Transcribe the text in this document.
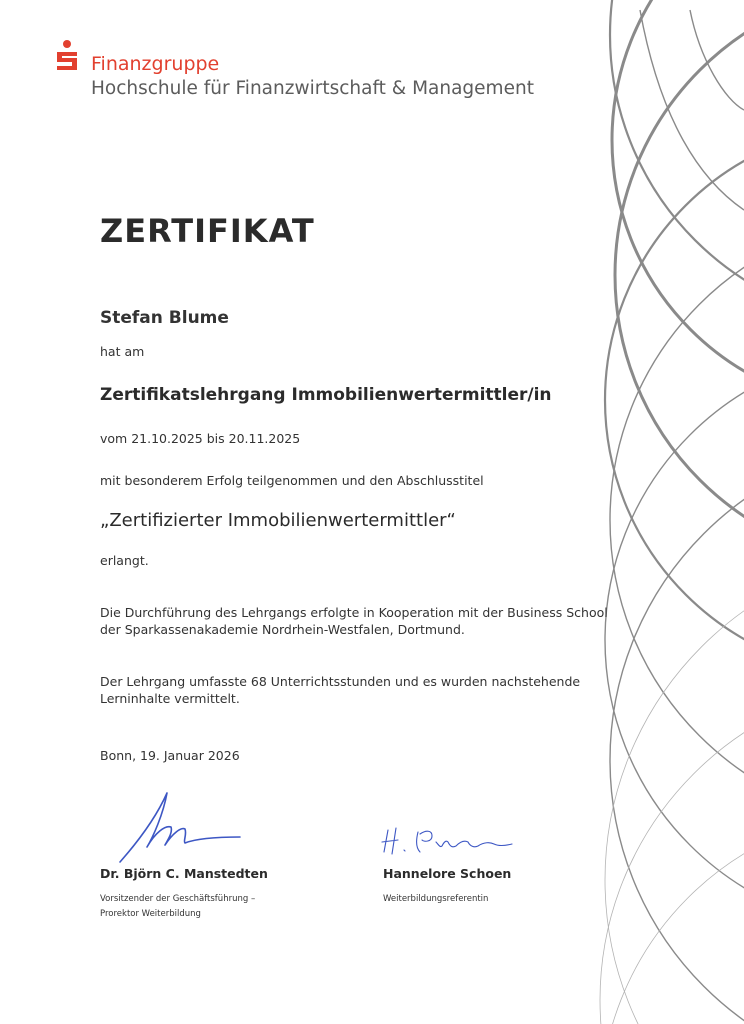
Finanzgruppe
Hochschule für Finanzwirtschaft & Management
ZERTIFIKAT
Stefan Blume
hat am
Zertifikatslehrgang Immobilienwertermittler/in
vom 21.10.2025 bis 20.11.2025
mit besonderem Erfolg teilgenommen und den Abschlusstitel
„Zertifizierter Immobilienwertermittler“
erlangt.
Die Durchführung des Lehrgangs erfolgte in Kooperation mit der Business School
der Sparkassenakademie Nordrhein-Westfalen, Dortmund.
Der Lehrgang umfasste 68 Unterrichtsstunden und es wurden nachstehende
Lerninhalte vermittelt.
Bonn, 19. Januar 2026
Dr. Björn C. Manstedten
Vorsitzender der Geschäftsführung –
Prorektor Weiterbildung
Hannelore Schoen
Weiterbildungsreferentin
